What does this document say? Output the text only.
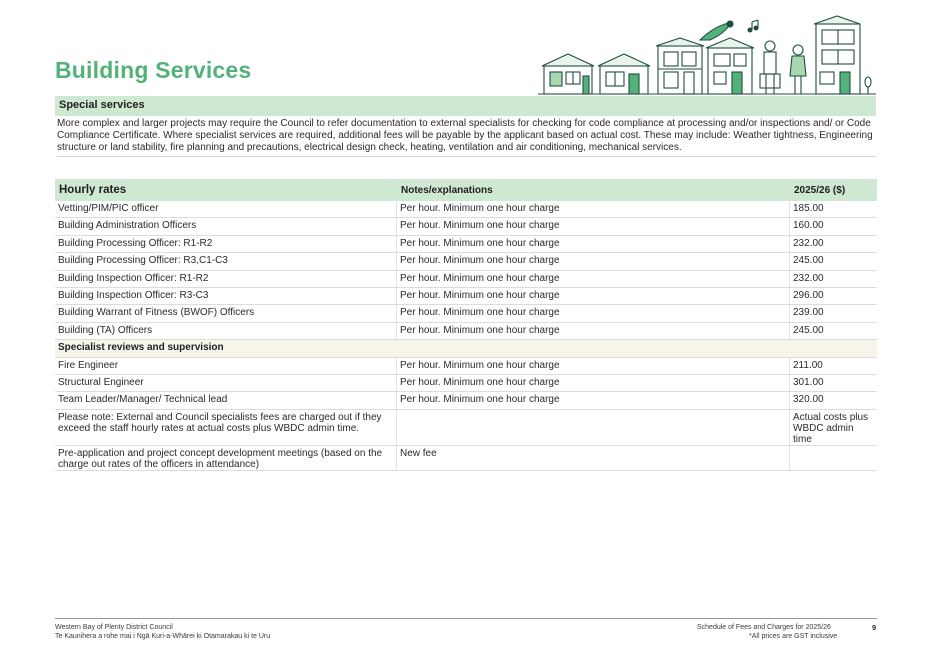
Building Services
Special services
More complex and larger projects may require the Council to refer documentation to external specialists for checking for code compliance at processing and/or inspections and/ or Code Compliance Certificate. Where specialist services are required, additional fees will be payable by the applicant based on actual cost. These may include: Weather tightness, Engineering structure or land stability, fire planning and precautions, electrical design check, heating, ventilation and air conditioning, mechanical services.
Hourly rates	Notes/explanations	2025/26 ($)
Vetting/PIM/PIC officer	Per hour. Minimum one hour charge	185.00
Building Administration Officers	Per hour. Minimum one hour charge	160.00
Building Processing Officer: R1-R2	Per hour. Minimum one hour charge	232.00
Building Processing Officer: R3,C1-C3	Per hour. Minimum one hour charge	245.00
Building Inspection Officer: R1-R2	Per hour. Minimum one hour charge	232.00
Building Inspection Officer: R3-C3	Per hour. Minimum one hour charge	296.00
Building Warrant of Fitness (BWOF) Officers	Per hour. Minimum one hour charge	239.00
Building (TA) Officers	Per hour. Minimum one hour charge	245.00
Specialist reviews and supervision		
Fire Engineer	Per hour. Minimum one hour charge	211.00
Structural Engineer	Per hour. Minimum one hour charge	301.00
Team Leader/Manager/ Technical lead	Per hour. Minimum one hour charge	320.00
Please note: External and Council specialists fees are charged out if they exceed the staff hourly rates at actual costs plus WBDC admin time.		Actual costs plus WBDC admin time
Pre-application and project concept development meetings (based on the charge out rates of the officers in attendance)	New fee	
Western Bay of Plenty District Council
Te Kaunihera a rohe mai i Ngā Kuri-a-Whārei ki Otamarakau ki te Uru
Schedule of Fees and Charges for 2025/26
*All prices are GST inclusive
9
